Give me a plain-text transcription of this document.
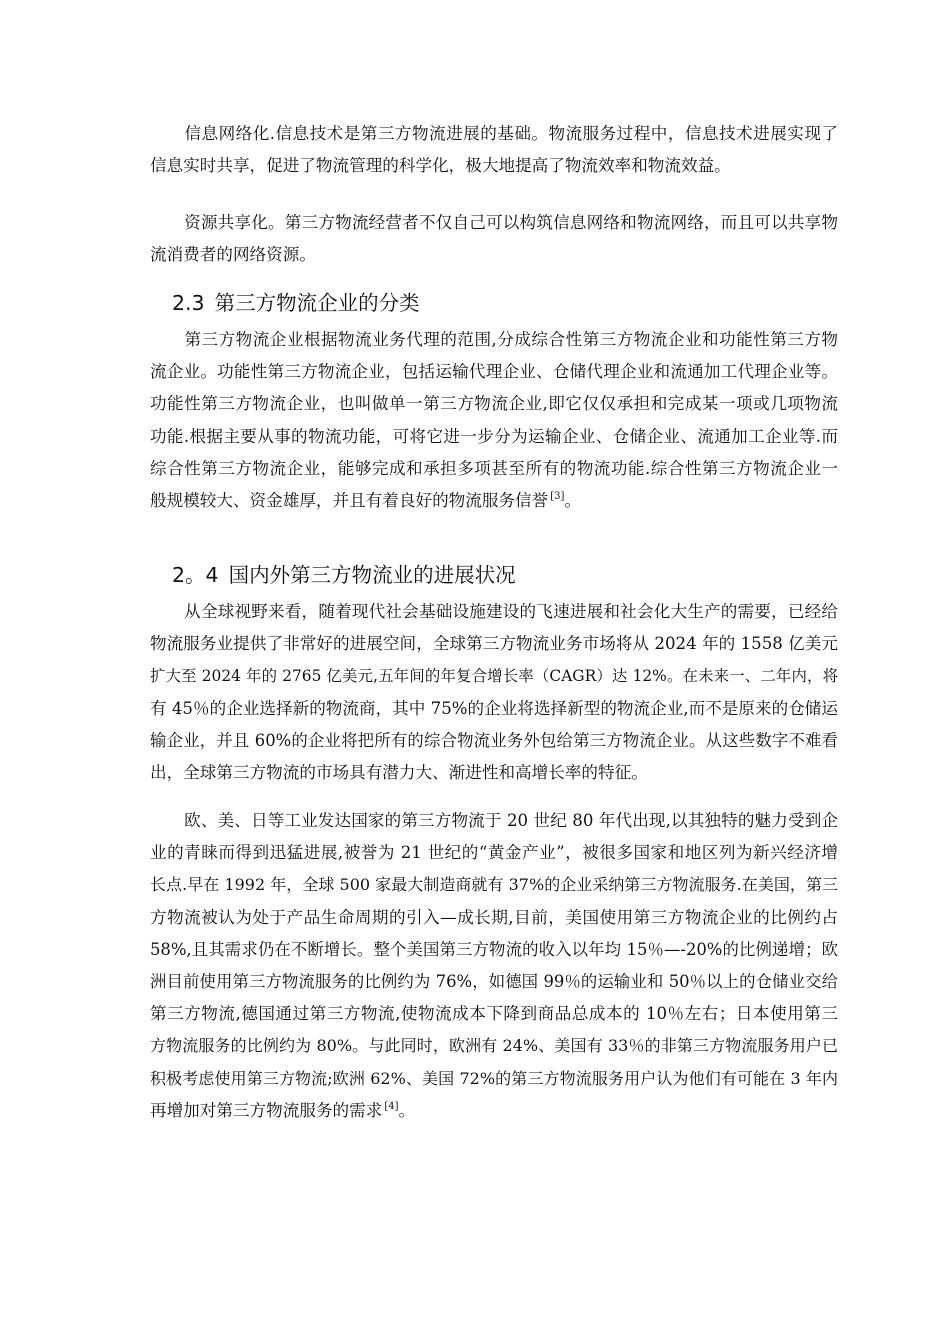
信息网络化.信息技术是第三方物流进展的基础。物流服务过程中，信息技术进展实现了
信息实时共享，促进了物流管理的科学化，极大地提高了物流效率和物流效益。
资源共享化。第三方物流经营者不仅自己可以构筑信息网络和物流网络，而且可以共享物
流消费者的网络资源。
2.3 第三方物流企业的分类
第三方物流企业根据物流业务代理的范围,分成综合性第三方物流企业和功能性第三方物
流企业。功能性第三方物流企业，包括运输代理企业、仓储代理企业和流通加工代理企业等。
功能性第三方物流企业，也叫做单一第三方物流企业,即它仅仅承担和完成某一项或几项物流
功能.根据主要从事的物流功能，可将它进一步分为运输企业、仓储企业、流通加工企业等.而
综合性第三方物流企业，能够完成和承担多项甚至所有的物流功能.综合性第三方物流企业一
般规模较大、资金雄厚，并且有着良好的物流服务信誉 [3]。
2。4 国内外第三方物流业的进展状况
从全球视野来看，随着现代社会基础设施建设的飞速进展和社会化大生产的需要，已经给
物流服务业提供了非常好的进展空间，全球第三方物流业务市场将从 2024 年的 1558 亿美元
扩大至 2024 年的 2765 亿美元,五年间的年复合增长率（CAGR）达 12%。在未来一、二年内，将
有 45％的企业选择新的物流商，其中 75%的企业将选择新型的物流企业,而不是原来的仓储运
输企业，并且 60%的企业将把所有的综合物流业务外包给第三方物流企业。从这些数字不难看
出，全球第三方物流的市场具有潜力大、渐进性和高增长率的特征。
欧、美、日等工业发达国家的第三方物流于 20 世纪 80 年代出现,以其独特的魅力受到企
业的青睐而得到迅猛进展,被誉为 21 世纪的“黄金产业”，被很多国家和地区列为新兴经济增
长点.早在 1992 年，全球 500 家最大制造商就有 37%的企业采纳第三方物流服务.在美国，第三
方物流被认为处于产品生命周期的引入—成长期,目前，美国使用第三方物流企业的比例约占
58%,且其需求仍在不断增长。整个美国第三方物流的收入以年均 15％—-20%的比例递增；欧
洲目前使用第三方物流服务的比例约为 76%，如德国 99％的运输业和 50％以上的仓储业交给
第三方物流,德国通过第三方物流,使物流成本下降到商品总成本的 10％左右；日本使用第三
方物流服务的比例约为 80%。与此同时，欧洲有 24%、美国有 33％的非第三方物流服务用户已
积极考虑使用第三方物流;欧洲 62%、美国 72%的第三方物流服务用户认为他们有可能在 3 年内
再增加对第三方物流服务的需求 [4]。
